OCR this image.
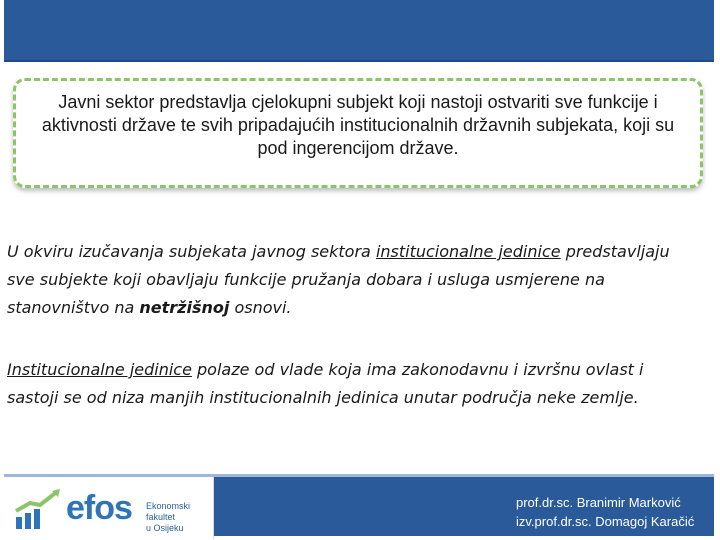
Javni sektor predstavlja cjelokupni subjekt koji nastoji ostvariti sve funkcije i aktivnosti države te svih pripadajućih institucionalnih državnih subjekata, koji su pod ingerencijom države.

U okviru izučavanja subjekata javnog sektora institucionalne jedinice predstavljaju sve subjekte koji obavljaju funkcije pružanja dobara i usluga usmjerene na stanovništvo na netržišnoj osnovi.

Institucionalne jedinice polaze od vlade koja ima zakonodavnu i izvršnu ovlast i sastoji se od niza manjih institucionalnih jedinica unutar područja neke zemlje.

efos Ekonomski fakultet
u Osijeku
prof.dr.sc. Branimir Marković
izv.prof.dr.sc. Domagoj Karačić
